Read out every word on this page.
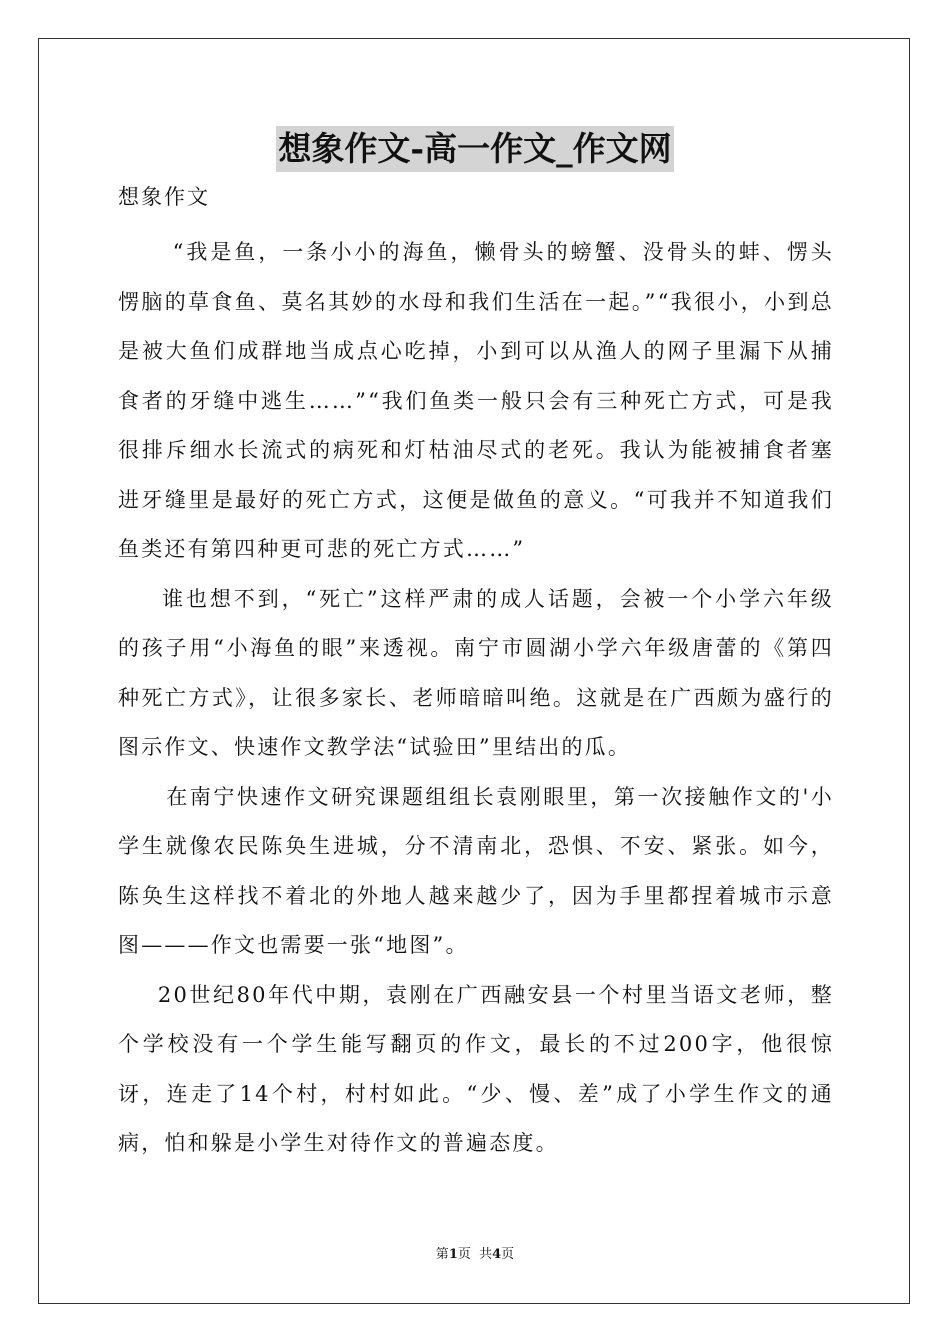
想象作文-高一作文_作文网
想象作文

“我是鱼，一条小小的海鱼，懒骨头的螃蟹、没骨头的蚌、愣头愣脑的草食鱼、莫名其妙的水母和我们生活在一起。”“我很小，小到总是被大鱼们成群地当成点心吃掉，小到可以从渔人的网子里漏下从捕食者的牙缝中逃生……”“我们鱼类一般只会有三种死亡方式，可是我很排斥细水长流式的病死和灯枯油尽式的老死。我认为能被捕食者塞进牙缝里是最好的死亡方式，这便是做鱼的意义。“可我并不知道我们鱼类还有第四种更可悲的死亡方式……”

谁也想不到，“死亡”这样严肃的成人话题，会被一个小学六年级的孩子用“小海鱼的眼”来透视。南宁市圆湖小学六年级唐蕾的《第四种死亡方式》，让很多家长、老师暗暗叫绝。这就是在广西颇为盛行的图示作文、快速作文教学法“试验田”里结出的瓜。

在南宁快速作文研究课题组组长袁刚眼里，第一次接触作文的'小学生就像农民陈奂生进城，分不清南北，恐惧、不安、紧张。如今，陈奂生这样找不着北的外地人越来越少了，因为手里都捏着城市示意图———作文也需要一张“地图”。

20世纪80年代中期，袁刚在广西融安县一个村里当语文老师，整个学校没有一个学生能写翻页的作文，最长的不过200字，他很惊讶，连走了14个村，村村如此。“少、慢、差”成了小学生作文的通病，怕和躲是小学生对待作文的普遍态度。

第1页  共4页
